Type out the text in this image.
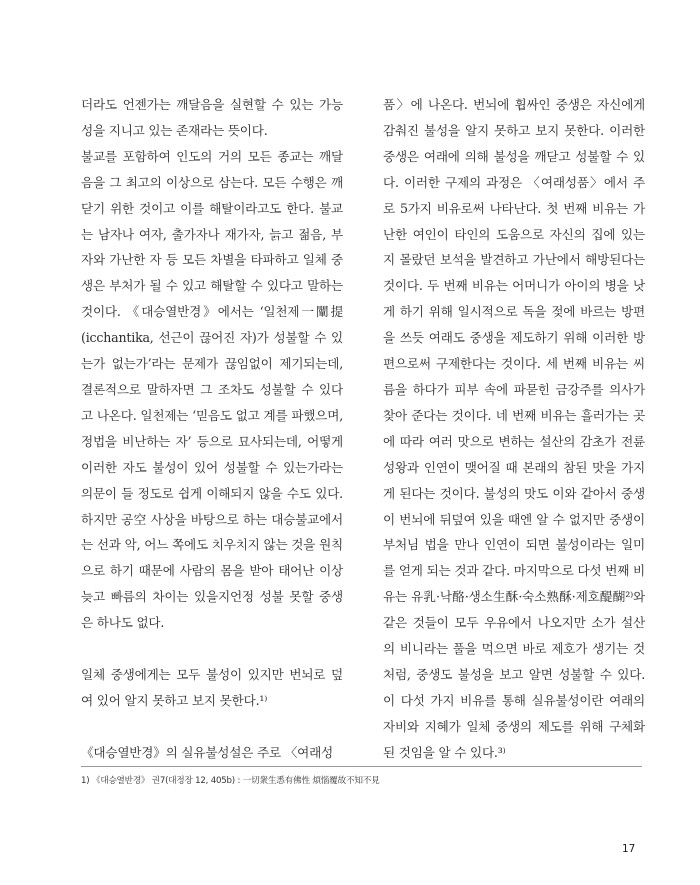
더라도 언젠가는 깨달음을 실현할 수 있는 가능성을 지니고 있는 존재라는 뜻이다.

불교를 포함하여 인도의 거의 모든 종교는 깨달음을 그 최고의 이상으로 삼는다. 모든 수행은 깨닫기 위한 것이고 이를 해탈이라고도 한다. 불교는 남자나 여자, 출가자나 재가자, 늙고 젊음, 부자와 가난한 자 등 모든 차별을 타파하고 일체 중생은 부처가 될 수 있고 해탈할 수 있다고 말하는 것이다. 《대승열반경》에서는 ‘일천제一闡提(icchantika, 선근이 끊어진 자)가 성불할 수 있는가 없는가’라는 문제가 끊임없이 제기되는데, 결론적으로 말하자면 그 조차도 성불할 수 있다고 나온다. 일천제는 ‘믿음도 없고 계를 파했으며, 정법을 비난하는 자’ 등으로 묘사되는데, 어떻게 이러한 자도 불성이 있어 성불할 수 있는가라는 의문이 들 정도로 쉽게 이해되지 않을 수도 있다. 하지만 공空 사상을 바탕으로 하는 대승불교에서는 선과 악, 어느 쪽에도 치우치지 않는 것을 원칙으로 하기 때문에 사람의 몸을 받아 태어난 이상 늦고 빠름의 차이는 있을지언정 성불 못할 중생은 하나도 없다.

일체 중생에게는 모두 불성이 있지만 번뇌로 덮여 있어 알지 못하고 보지 못한다.¹⁾

《대승열반경》의 실유불성설은 주로 〈여래성

품〉에 나온다. 번뇌에 휩싸인 중생은 자신에게 감춰진 불성을 알지 못하고 보지 못한다. 이러한 중생은 여래에 의해 불성을 깨닫고 성불할 수 있다. 이러한 구제의 과정은 〈여래성품〉에서 주로 5가지 비유로써 나타난다. 첫 번째 비유는 가난한 여인이 타인의 도움으로 자신의 집에 있는지 몰랐던 보석을 발견하고 가난에서 해방된다는 것이다. 두 번째 비유는 어머니가 아이의 병을 낫게 하기 위해 일시적으로 독을 젖에 바르는 방편을 쓰듯 여래도 중생을 제도하기 위해 이러한 방편으로써 구제한다는 것이다. 세 번째 비유는 씨름을 하다가 피부 속에 파묻힌 금강주를 의사가 찾아 준다는 것이다. 네 번째 비유는 흘러가는 곳에 따라 여러 맛으로 변하는 설산의 감초가 전륜성왕과 인연이 맺어질 때 본래의 참된 맛을 가지게 된다는 것이다. 불성의 맛도 이와 같아서 중생이 번뇌에 뒤덮여 있을 때엔 알 수 없지만 중생이 부처님 법을 만나 인연이 되면 불성이라는 일미를 얻게 되는 것과 같다. 마지막으로 다섯 번째 비유는 유乳·낙酪·생소生酥·숙소熟酥·제호醍醐²⁾와 같은 것들이 모두 우유에서 나오지만 소가 설산의 비니라는 풀을 먹으면 바로 제호가 생기는 것처럼, 중생도 불성을 보고 알면 성불할 수 있다. 이 다섯 가지 비유를 통해 실유불성이란 여래의 자비와 지혜가 일체 중생의 제도를 위해 구체화된 것임을 알 수 있다.³⁾

1) 《대승열반경》 권7(대정장 12, 405b) : 一切衆生悉有佛性 煩惱覆故不知不見
17
